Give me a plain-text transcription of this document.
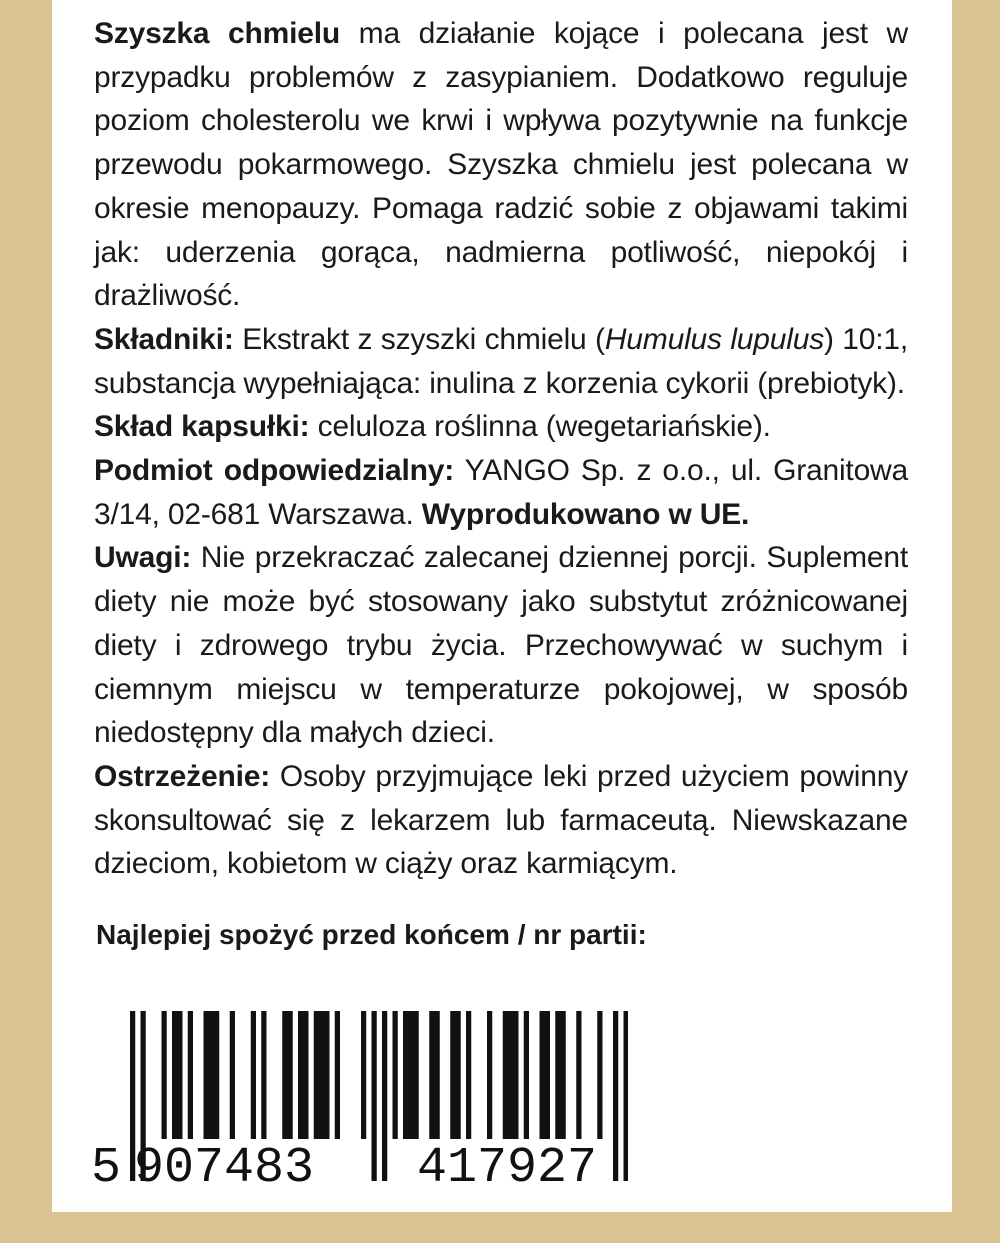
Szyszka chmielu ma działanie kojące i polecana jest w przypadku problemów z zasypianiem. Dodatkowo reguluje poziom cholesterolu we krwi i wpływa pozytywnie na funkcje przewodu pokarmowego. Szyszka chmielu jest polecana w okresie menopauzy. Pomaga radzić sobie z objawami takimi jak: uderzenia gorąca, nadmierna potliwość, niepokój i drażliwość.

Składniki: Ekstrakt z szyszki chmielu (Humulus lupulus) 10:1, substancja wypełniająca: inulina z korzenia cykorii (prebiotyk).

Skład kapsułki: celuloza roślinna (wegetariańskie).

Podmiot odpowiedzialny: YANGO Sp. z o.o., ul. Granitowa 3/14, 02-681 Warszawa. Wyprodukowano w UE.

Uwagi: Nie przekraczać zalecanej dziennej porcji. Suplement diety nie może być stosowany jako substytut zróżnicowanej diety i zdrowego trybu życia. Przechowywać w suchym i ciemnym miejscu w temperaturze pokojowej, w sposób niedostępny dla małych dzieci.

Ostrzeżenie: Osoby przyjmujące leki przed użyciem powinny skonsultować się z lekarzem lub farmaceutą. Niewskazane dzieciom, kobietom w ciąży oraz karmiącym.

Najlepiej spożyć przed końcem / nr partii:
5 907483 417927
